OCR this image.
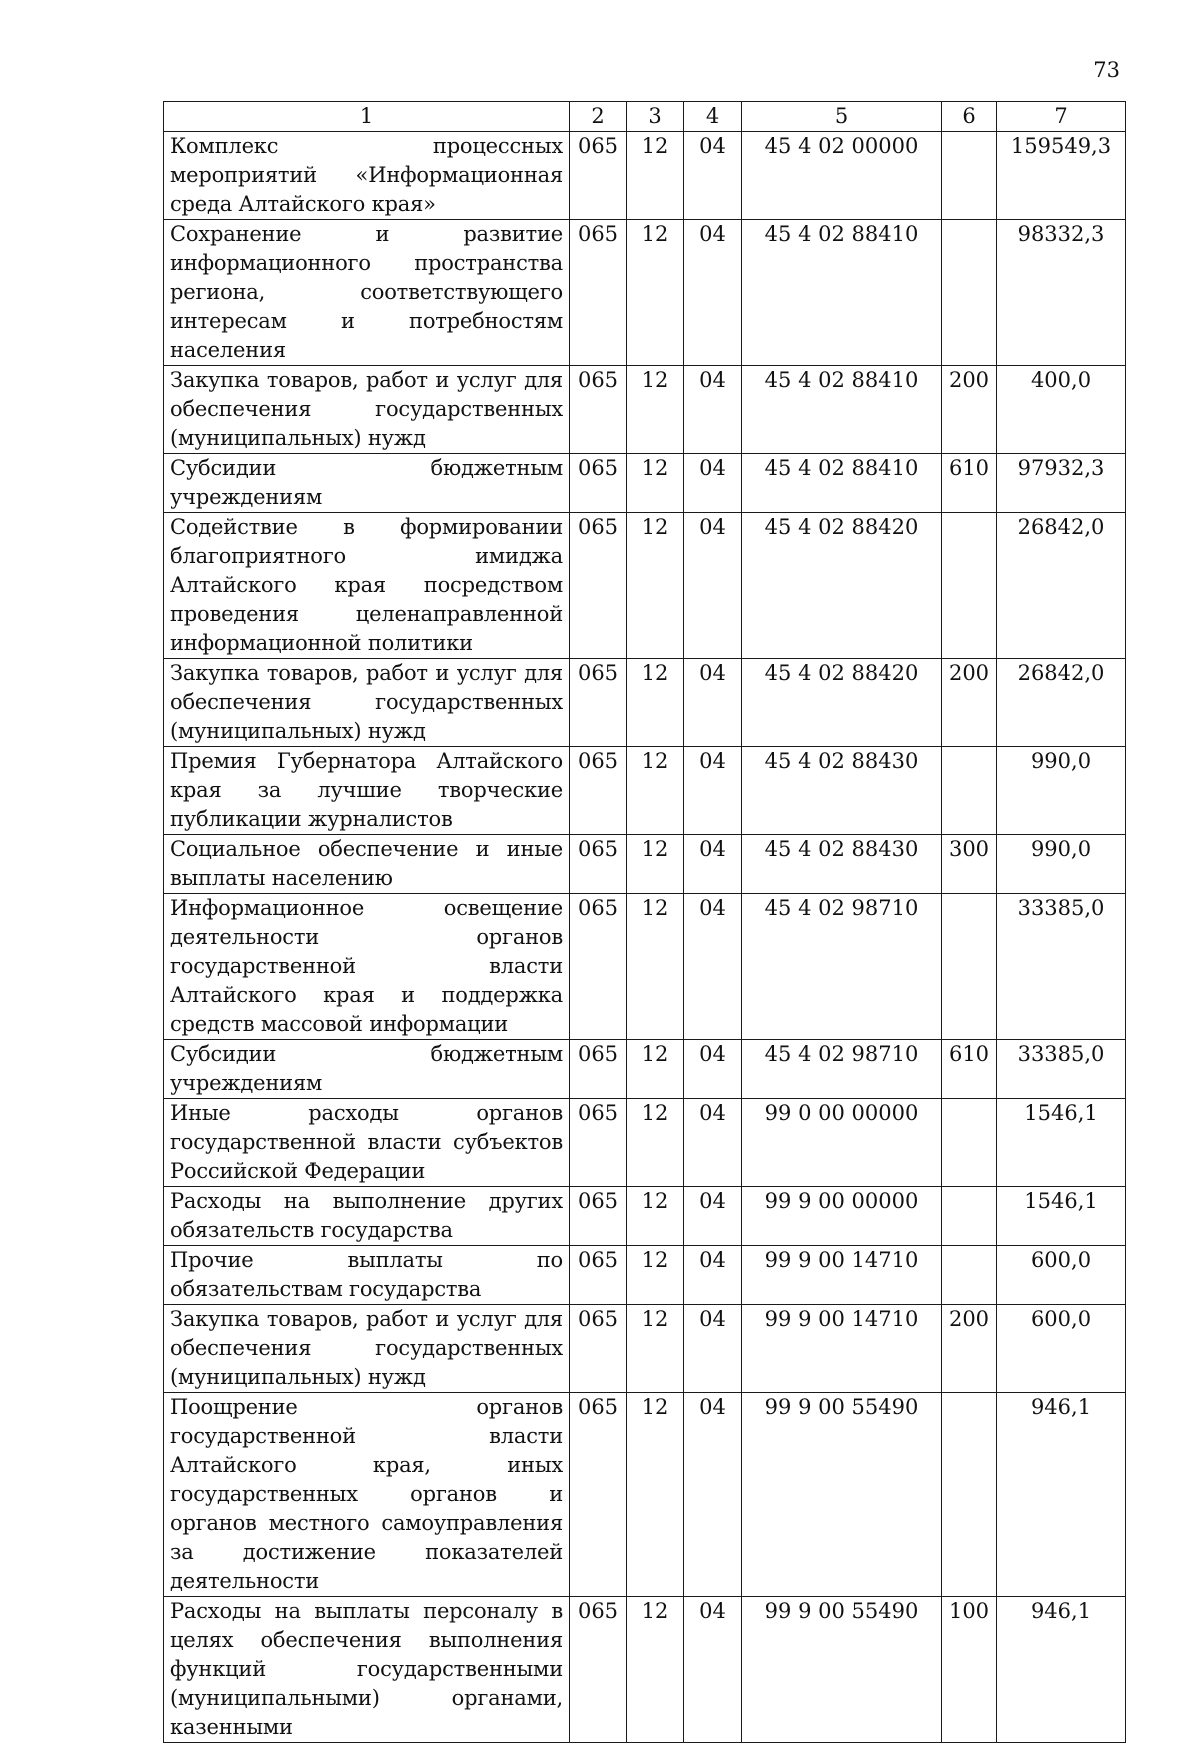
73
1	2	3	4	5	6	7
Комплекс процессных мероприятий «Информационная среда Алтайского края»	065	12	04	45 4 02 00000		159549,3
Сохранение и развитие информационного пространства региона, соответствующего интересам и потребностям населения	065	12	04	45 4 02 88410		98332,3
Закупка товаров, работ и услуг для обеспечения государственных (муниципальных) нужд	065	12	04	45 4 02 88410	200	400,0
Субсидии бюджетным учреждениям	065	12	04	45 4 02 88410	610	97932,3
Содействие в формировании благоприятного имиджа Алтайского края посредством проведения целенаправленной информационной политики	065	12	04	45 4 02 88420		26842,0
Закупка товаров, работ и услуг для обеспечения государственных (муниципальных) нужд	065	12	04	45 4 02 88420	200	26842,0
Премия Губернатора Алтайского края за лучшие творческие публикации журналистов	065	12	04	45 4 02 88430		990,0
Социальное обеспечение и иные выплаты населению	065	12	04	45 4 02 88430	300	990,0
Информационное освещение деятельности органов государственной власти Алтайского края и поддержка средств массовой информации	065	12	04	45 4 02 98710		33385,0
Субсидии бюджетным учреждениям	065	12	04	45 4 02 98710	610	33385,0
Иные расходы органов государственной власти субъектов Российской Федерации	065	12	04	99 0 00 00000		1546,1
Расходы на выполнение других обязательств государства	065	12	04	99 9 00 00000		1546,1
Прочие выплаты по обязательствам государства	065	12	04	99 9 00 14710		600,0
Закупка товаров, работ и услуг для обеспечения государственных (муниципальных) нужд	065	12	04	99 9 00 14710	200	600,0
Поощрение органов государственной власти Алтайского края, иных государственных органов и органов местного самоуправления за достижение показателей деятельности	065	12	04	99 9 00 55490		946,1
Расходы на выплаты персоналу в целях обеспечения выполнения функций государственными (муниципальными) органами, казенными	065	12	04	99 9 00 55490	100	946,1
